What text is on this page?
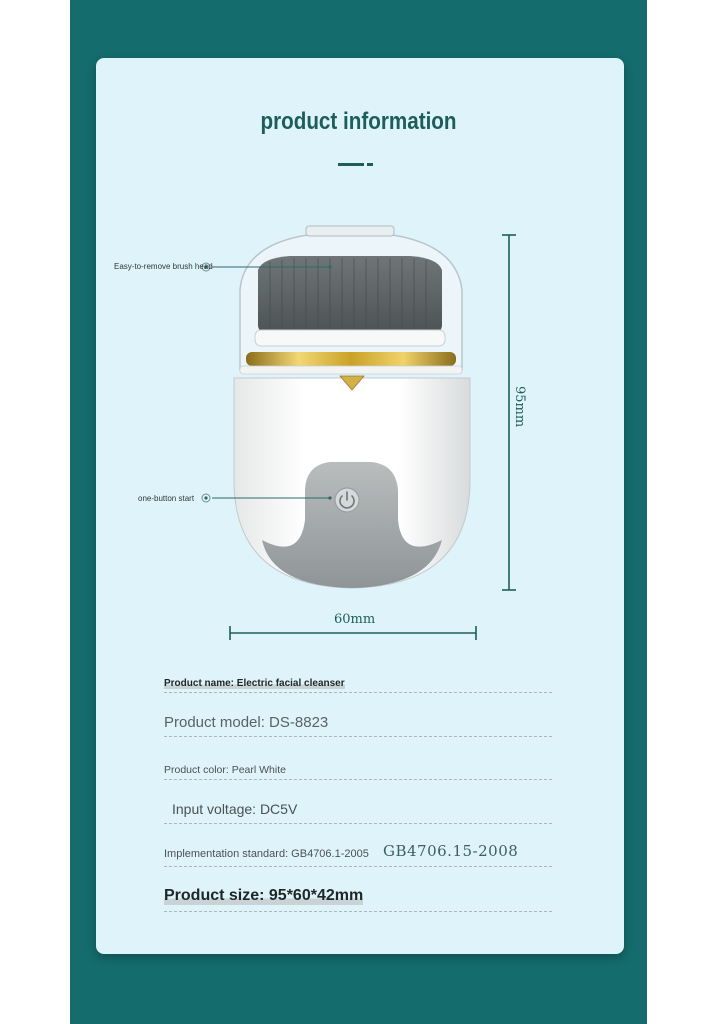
product information
Easy-to-remove brush head
one-button start
95mm
60mm
Product name: Electric facial cleanser
Product model: DS-8823
Product color: Pearl White
Input voltage: DC5V
Implementation standard: GB4706.1-2005 GB4706.15-2008
Product size: 95*60*42mm
